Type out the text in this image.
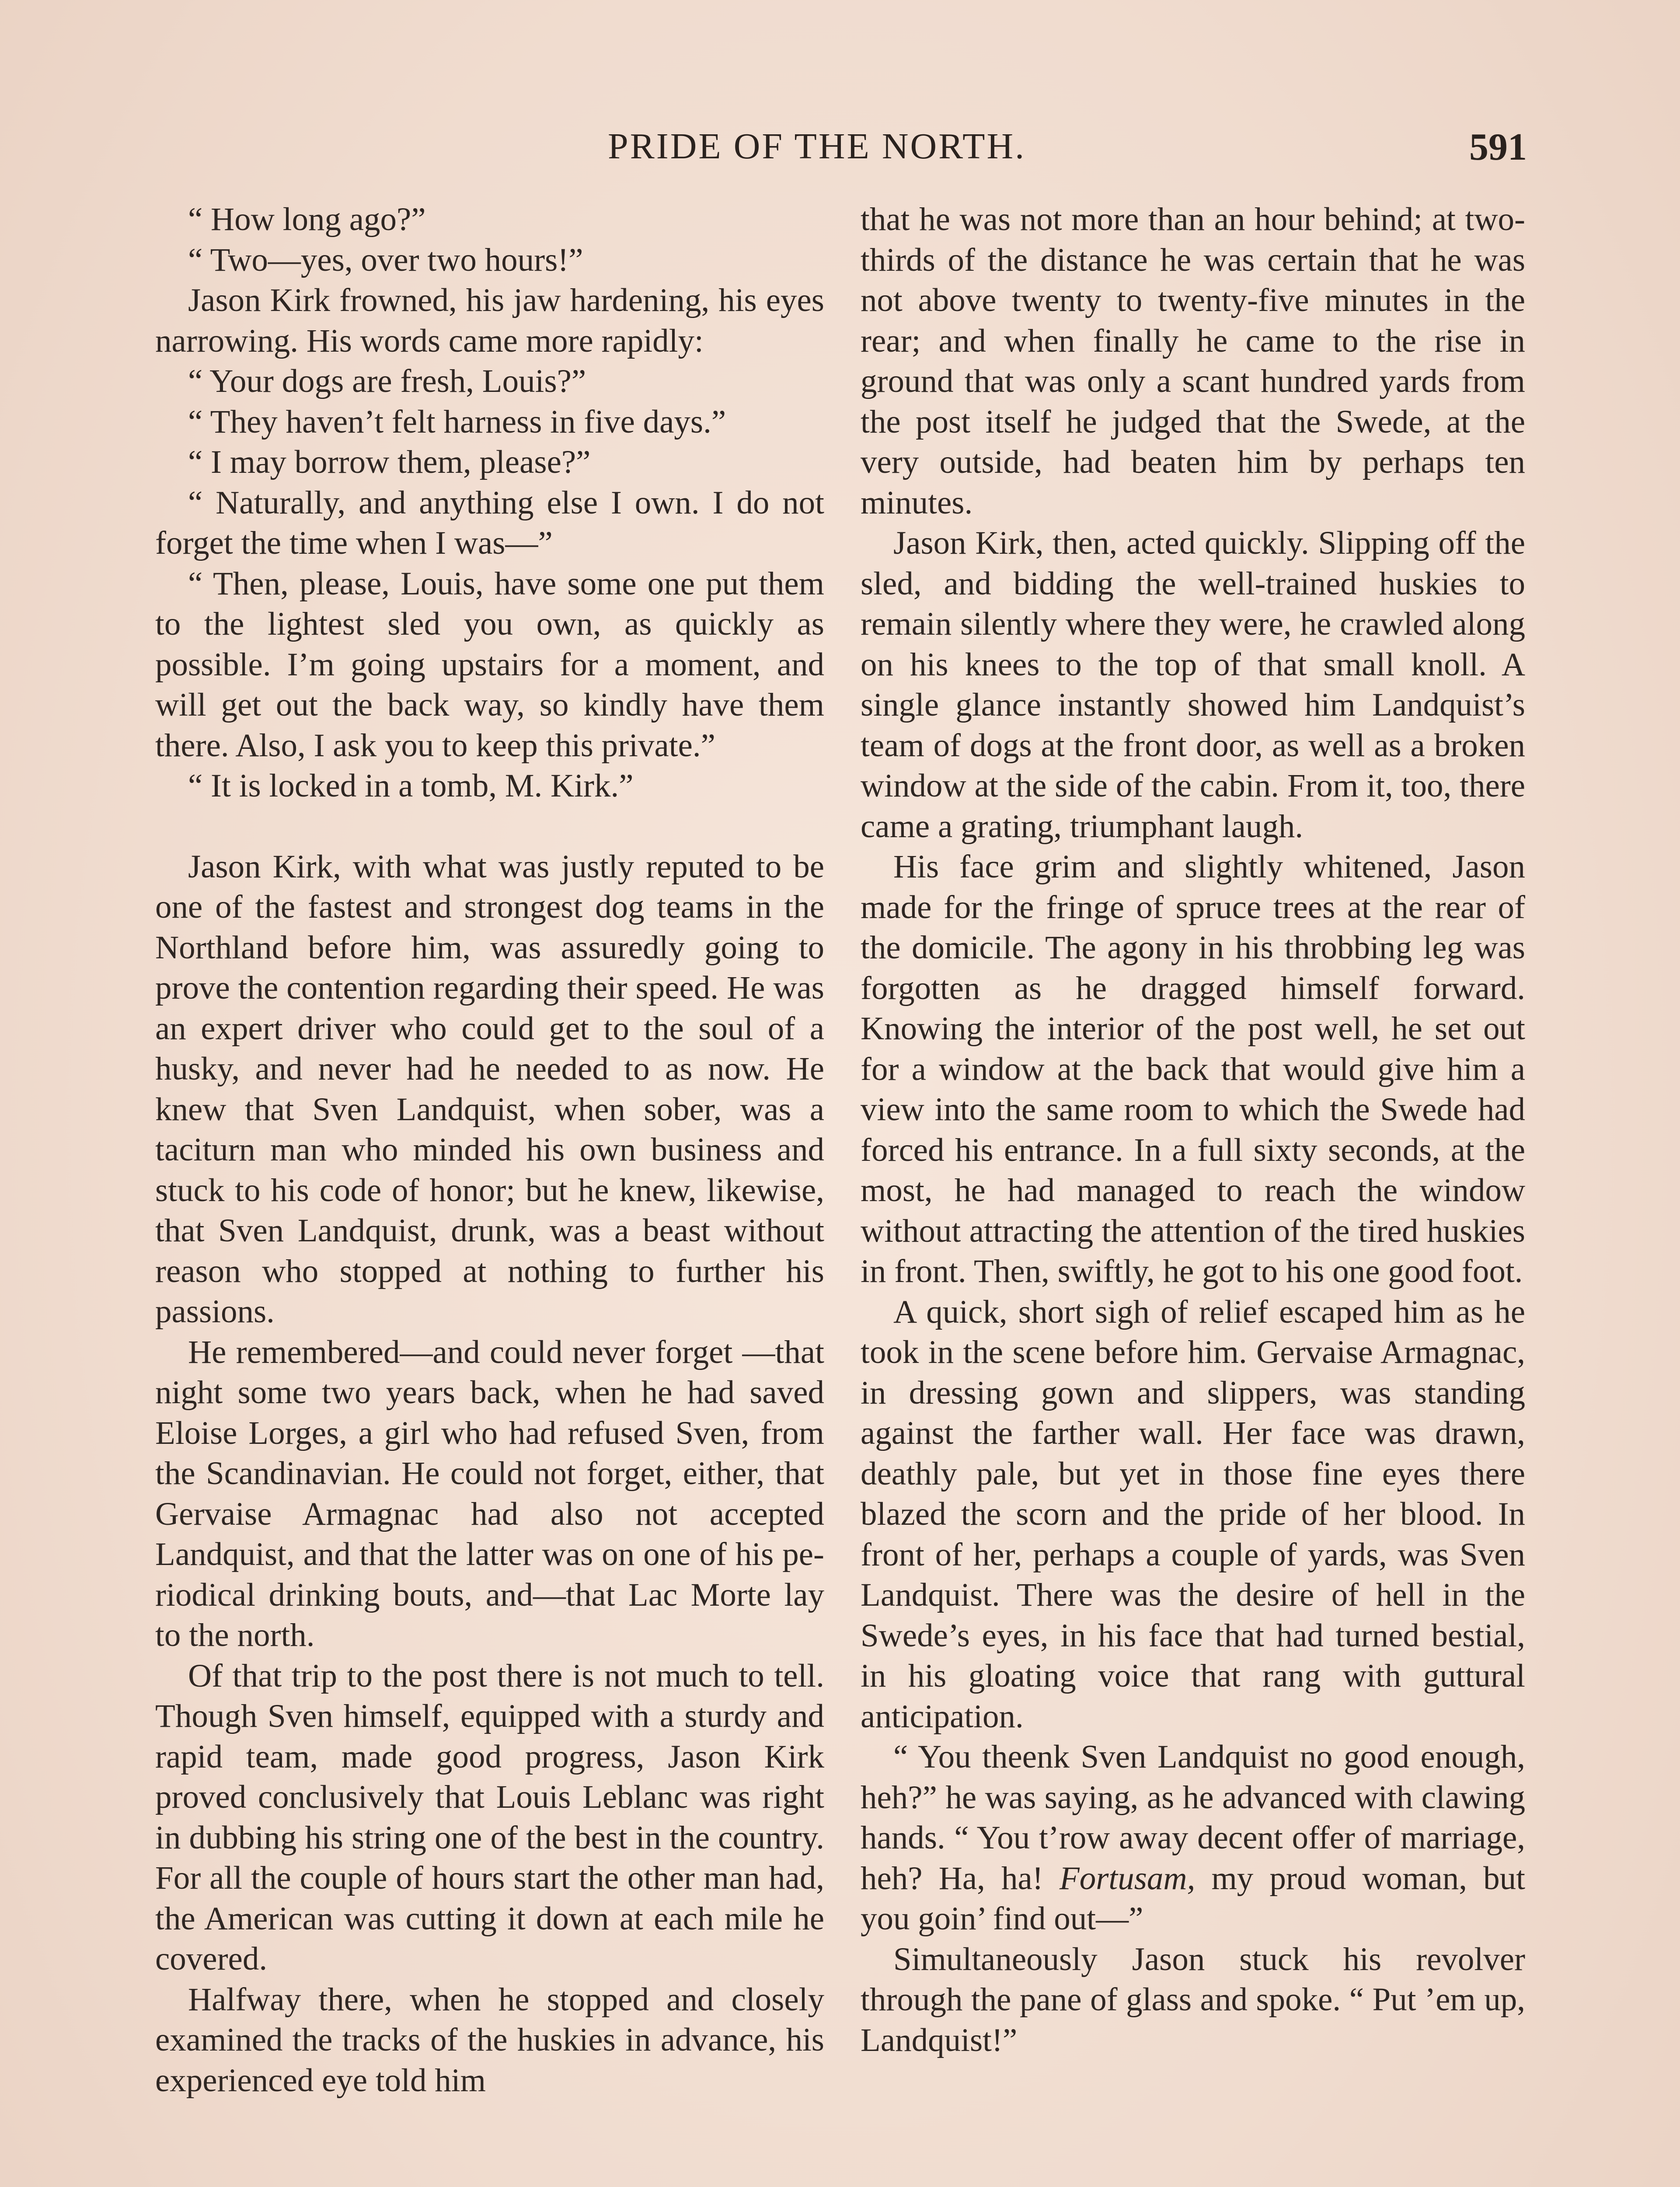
PRIDE OF THE NORTH.	591

“ How long ago?”

“ Two—yes, over two hours!”

Jason Kirk frowned, his jaw hardening, his eyes narrowing. His words came more rapidly:

“ Your dogs are fresh, Louis?”

“ They haven’t felt harness in five days.”

“ I may borrow them, please?”

“ Naturally, and anything else I own. I do not forget the time when I was—”

“ Then, please, Louis, have some one put them to the lightest sled you own, as quickly as possible. I’m going upstairs for a moment, and will get out the back way, so kindly have them there. Also, I ask you to keep this private.”

“ It is locked in a tomb, M. Kirk.”

Jason Kirk, with what was justly reputed to be one of the fastest and strongest dog teams in the Northland before him, was assuredly going to prove the contention regarding their speed. He was an expert driver who could get to the soul of a husky, and never had he needed to as now. He knew that Sven Landquist, when sober, was a taciturn man who minded his own business and stuck to his code of honor; but he knew, likewise, that Sven Landquist, drunk, was a beast without reason who stopped at nothing to further his passions.

He remembered—and could never forget —that night some two years back, when he had saved Eloise Lorges, a girl who had refused Sven, from the Scandinavian. He could not forget, either, that Gervaise Armagnac had also not accepted Landquist, and that the latter was on one of his periodical drinking bouts, and—that Lac Morte lay to the north.

Of that trip to the post there is not much to tell. Though Sven himself, equipped with a sturdy and rapid team, made good progress, Jason Kirk proved conclusively that Louis Leblanc was right in dubbing his string one of the best in the country. For all the couple of hours start the other man had, the American was cutting it down at each mile he covered.

Halfway there, when he stopped and closely examined the tracks of the huskies in advance, his experienced eye told him

that he was not more than an hour behind; at two-thirds of the distance he was certain that he was not above twenty to twenty-five minutes in the rear; and when finally he came to the rise in ground that was only a scant hundred yards from the post itself he judged that the Swede, at the very outside, had beaten him by perhaps ten minutes.

Jason Kirk, then, acted quickly. Slipping off the sled, and bidding the well-trained huskies to remain silently where they were, he crawled along on his knees to the top of that small knoll. A single glance instantly showed him Landquist’s team of dogs at the front door, as well as a broken window at the side of the cabin. From it, too, there came a grating, triumphant laugh.

His face grim and slightly whitened, Jason made for the fringe of spruce trees at the rear of the domicile. The agony in his throbbing leg was forgotten as he dragged himself forward. Knowing the interior of the post well, he set out for a window at the back that would give him a view into the same room to which the Swede had forced his entrance. In a full sixty seconds, at the most, he had managed to reach the window without attracting the attention of the tired huskies in front. Then, swiftly, he got to his one good foot.

A quick, short sigh of relief escaped him as he took in the scene before him. Gervaise Armagnac, in dressing gown and slippers, was standing against the farther wall. Her face was drawn, deathly pale, but yet in those fine eyes there blazed the scorn and the pride of her blood. In front of her, perhaps a couple of yards, was Sven Landquist. There was the desire of hell in the Swede’s eyes, in his face that had turned bestial, in his gloating voice that rang with guttural anticipation.

“ You theenk Sven Landquist no good enough, heh?” he was saying, as he advanced with clawing hands. “ You t’row away decent offer of marriage, heh? Ha, ha! Fortusam, my proud woman, but you goin’ find out—”

Simultaneously Jason stuck his revolver through the pane of glass and spoke. “ Put ’em up, Landquist!”
